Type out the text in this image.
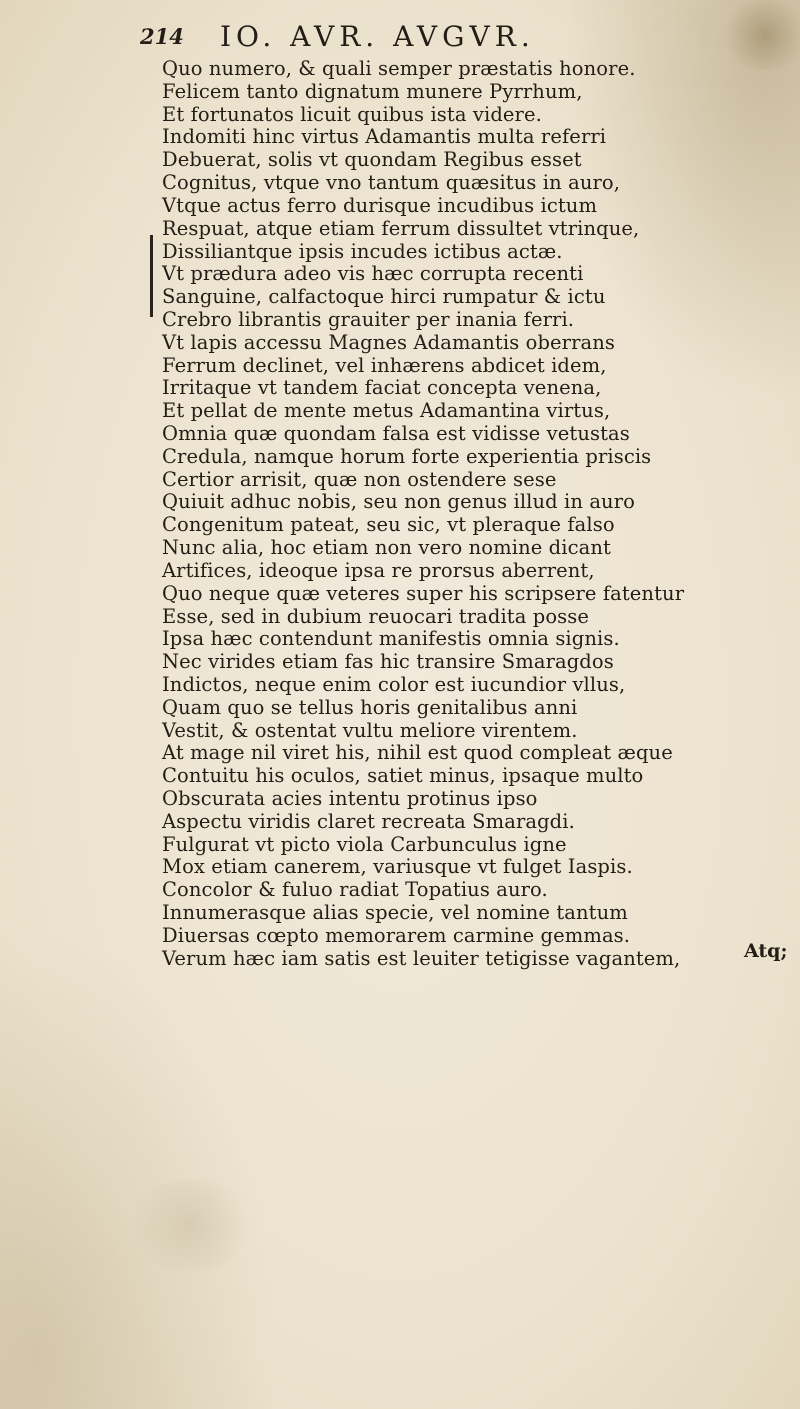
214 IO. AVR. AVGVR.
Quo numero, & quali semper præstatis honore.
Felicem tanto dignatum munere Pyrrhum,
Et fortunatos licuit quibus ista videre.
Indomiti hinc virtus Adamantis multa referri
Debuerat, solis vt quondam Regibus esset
Cognitus, vtque vno tantum quæsitus in auro,
Vtque actus ferro durisque incudibus ictum
Respuat, atque etiam ferrum dissultet vtrinque,
Dissiliantque ipsis incudes ictibus actæ.
Vt prædura adeo vis hæc corrupta recenti
Sanguine, calfactoque hirci rumpatur & ictu
Crebro librantis grauiter per inania ferri.
Vt lapis accessu Magnes Adamantis oberrans
Ferrum declinet, vel inhærens abdicet idem,
Irritaque vt tandem faciat concepta venena,
Et pellat de mente metus Adamantina virtus,
Omnia quæ quondam falsa est vidisse vetustas
Credula, namque horum forte experientia priscis
Certior arrisit, quæ non ostendere sese
Quiuit adhuc nobis, seu non genus illud in auro
Congenitum pateat, seu sic, vt pleraque falso
Nunc alia, hoc etiam non vero nomine dicant
Artifices, ideoque ipsa re prorsus aberrent,
Quo neque quæ veteres super his scripsere fatentur
Esse, sed in dubium reuocari tradita posse
Ipsa hæc contendunt manifestis omnia signis.
Nec virides etiam fas hic transire Smaragdos
Indictos, neque enim color est iucundior vllus,
Quam quo se tellus horis genitalibus anni
Vestit, & ostentat vultu meliore virentem.
At mage nil viret his, nihil est quod compleat æque
Contuitu his oculos, satiet minus, ipsaque multo
Obscurata acies intentu protinus ipso
Aspectu viridis claret recreata Smaragdi.
Fulgurat vt picto viola Carbunculus igne
Mox etiam canerem, variusque vt fulget Iaspis.
Concolor & fuluo radiat Topatius auro.
Innumerasque alias specie, vel nomine tantum
Diuersas cœpto memorarem carmine gemmas.
Verum hæc iam satis est leuiter tetigisse vagantem,	Atq;
